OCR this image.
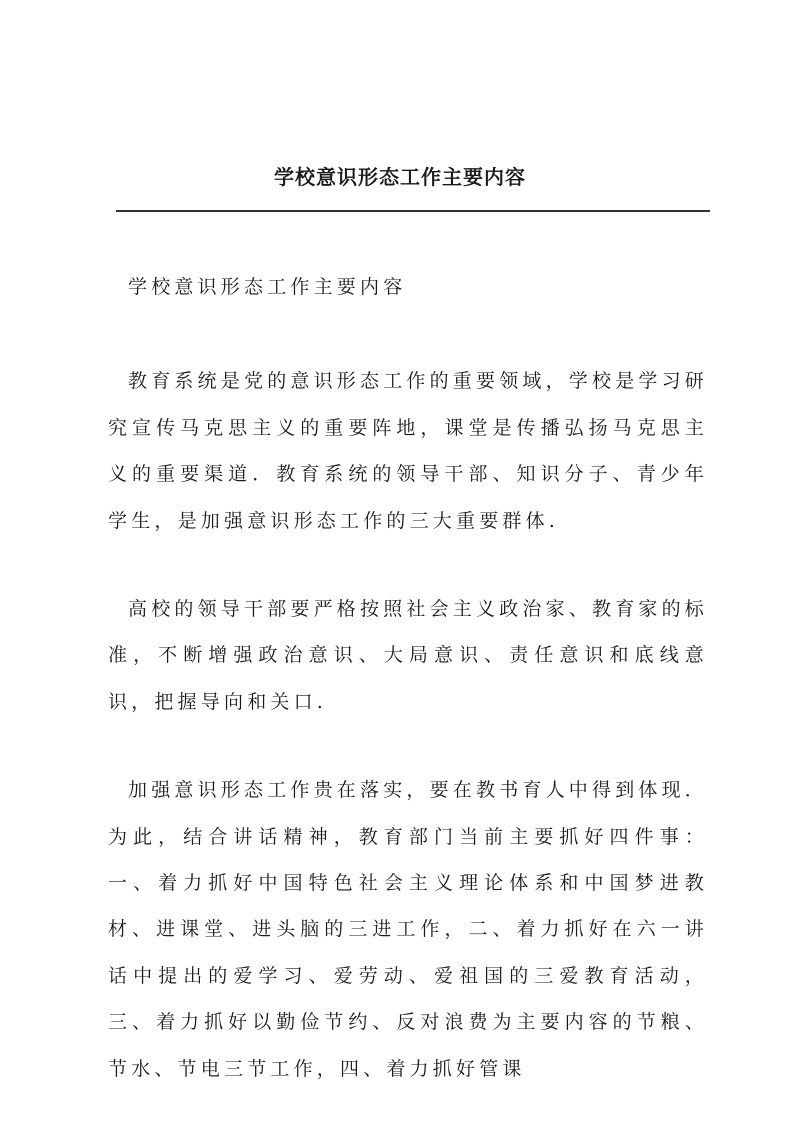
学校意识形态工作主要内容

学校意识形态工作主要内容

教育系统是党的意识形态工作的重要领域，学校是学习研究宣传马克思主义的重要阵地，课堂是传播弘扬马克思主义的重要渠道．教育系统的领导干部、知识分子、青少年学生，是加强意识形态工作的三大重要群体.

高校的领导干部要严格按照社会主义政治家、教育家的标准，不断增强政治意识、大局意识、责任意识和底线意识，把握导向和关口.

加强意识形态工作贵在落实，要在教书育人中得到体现．为此，结合讲话精神，教育部门当前主要抓好四件事：一、着力抓好中国特色社会主义理论体系和中国梦进教材、进课堂、进头脑的三进工作，二、着力抓好在六一讲话中提出的爱学习、爱劳动、爱祖国的三爱教育活动，三、着力抓好以勤俭节约、反对浪费为主要内容的节粮、节水、节电三节工作，四、着力抓好管课
